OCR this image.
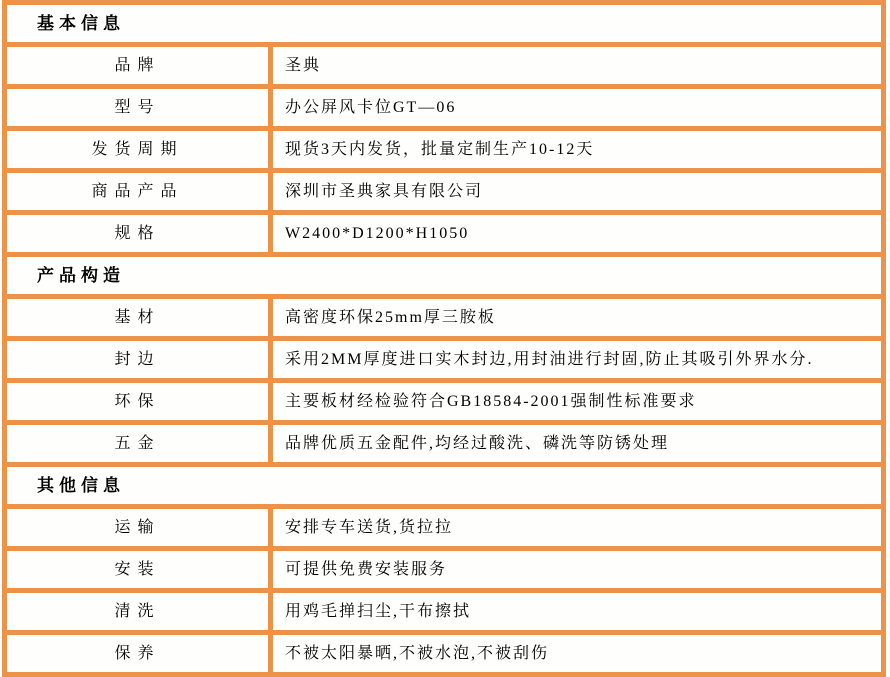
基本信息	
品牌	圣典
型号	办公屏风卡位GT—06
发货周期	现货3天内发货，批量定制生产10-12天
商品产品	深圳市圣典家具有限公司
规格	W2400*D1200*H1050
产品构造	
基材	高密度环保25mm厚三胺板
封边	采用2MM厚度进口实木封边,用封油进行封固,防止其吸引外界水分.
环保	主要板材经检验符合GB18584-2001强制性标准要求
五金	品牌优质五金配件,均经过酸洗、磷洗等防锈处理
其他信息	
运输	安排专车送货,货拉拉
安装	可提供免费安装服务
清洗	用鸡毛掸扫尘,干布擦拭
保养	不被太阳暴晒,不被水泡,不被刮伤
